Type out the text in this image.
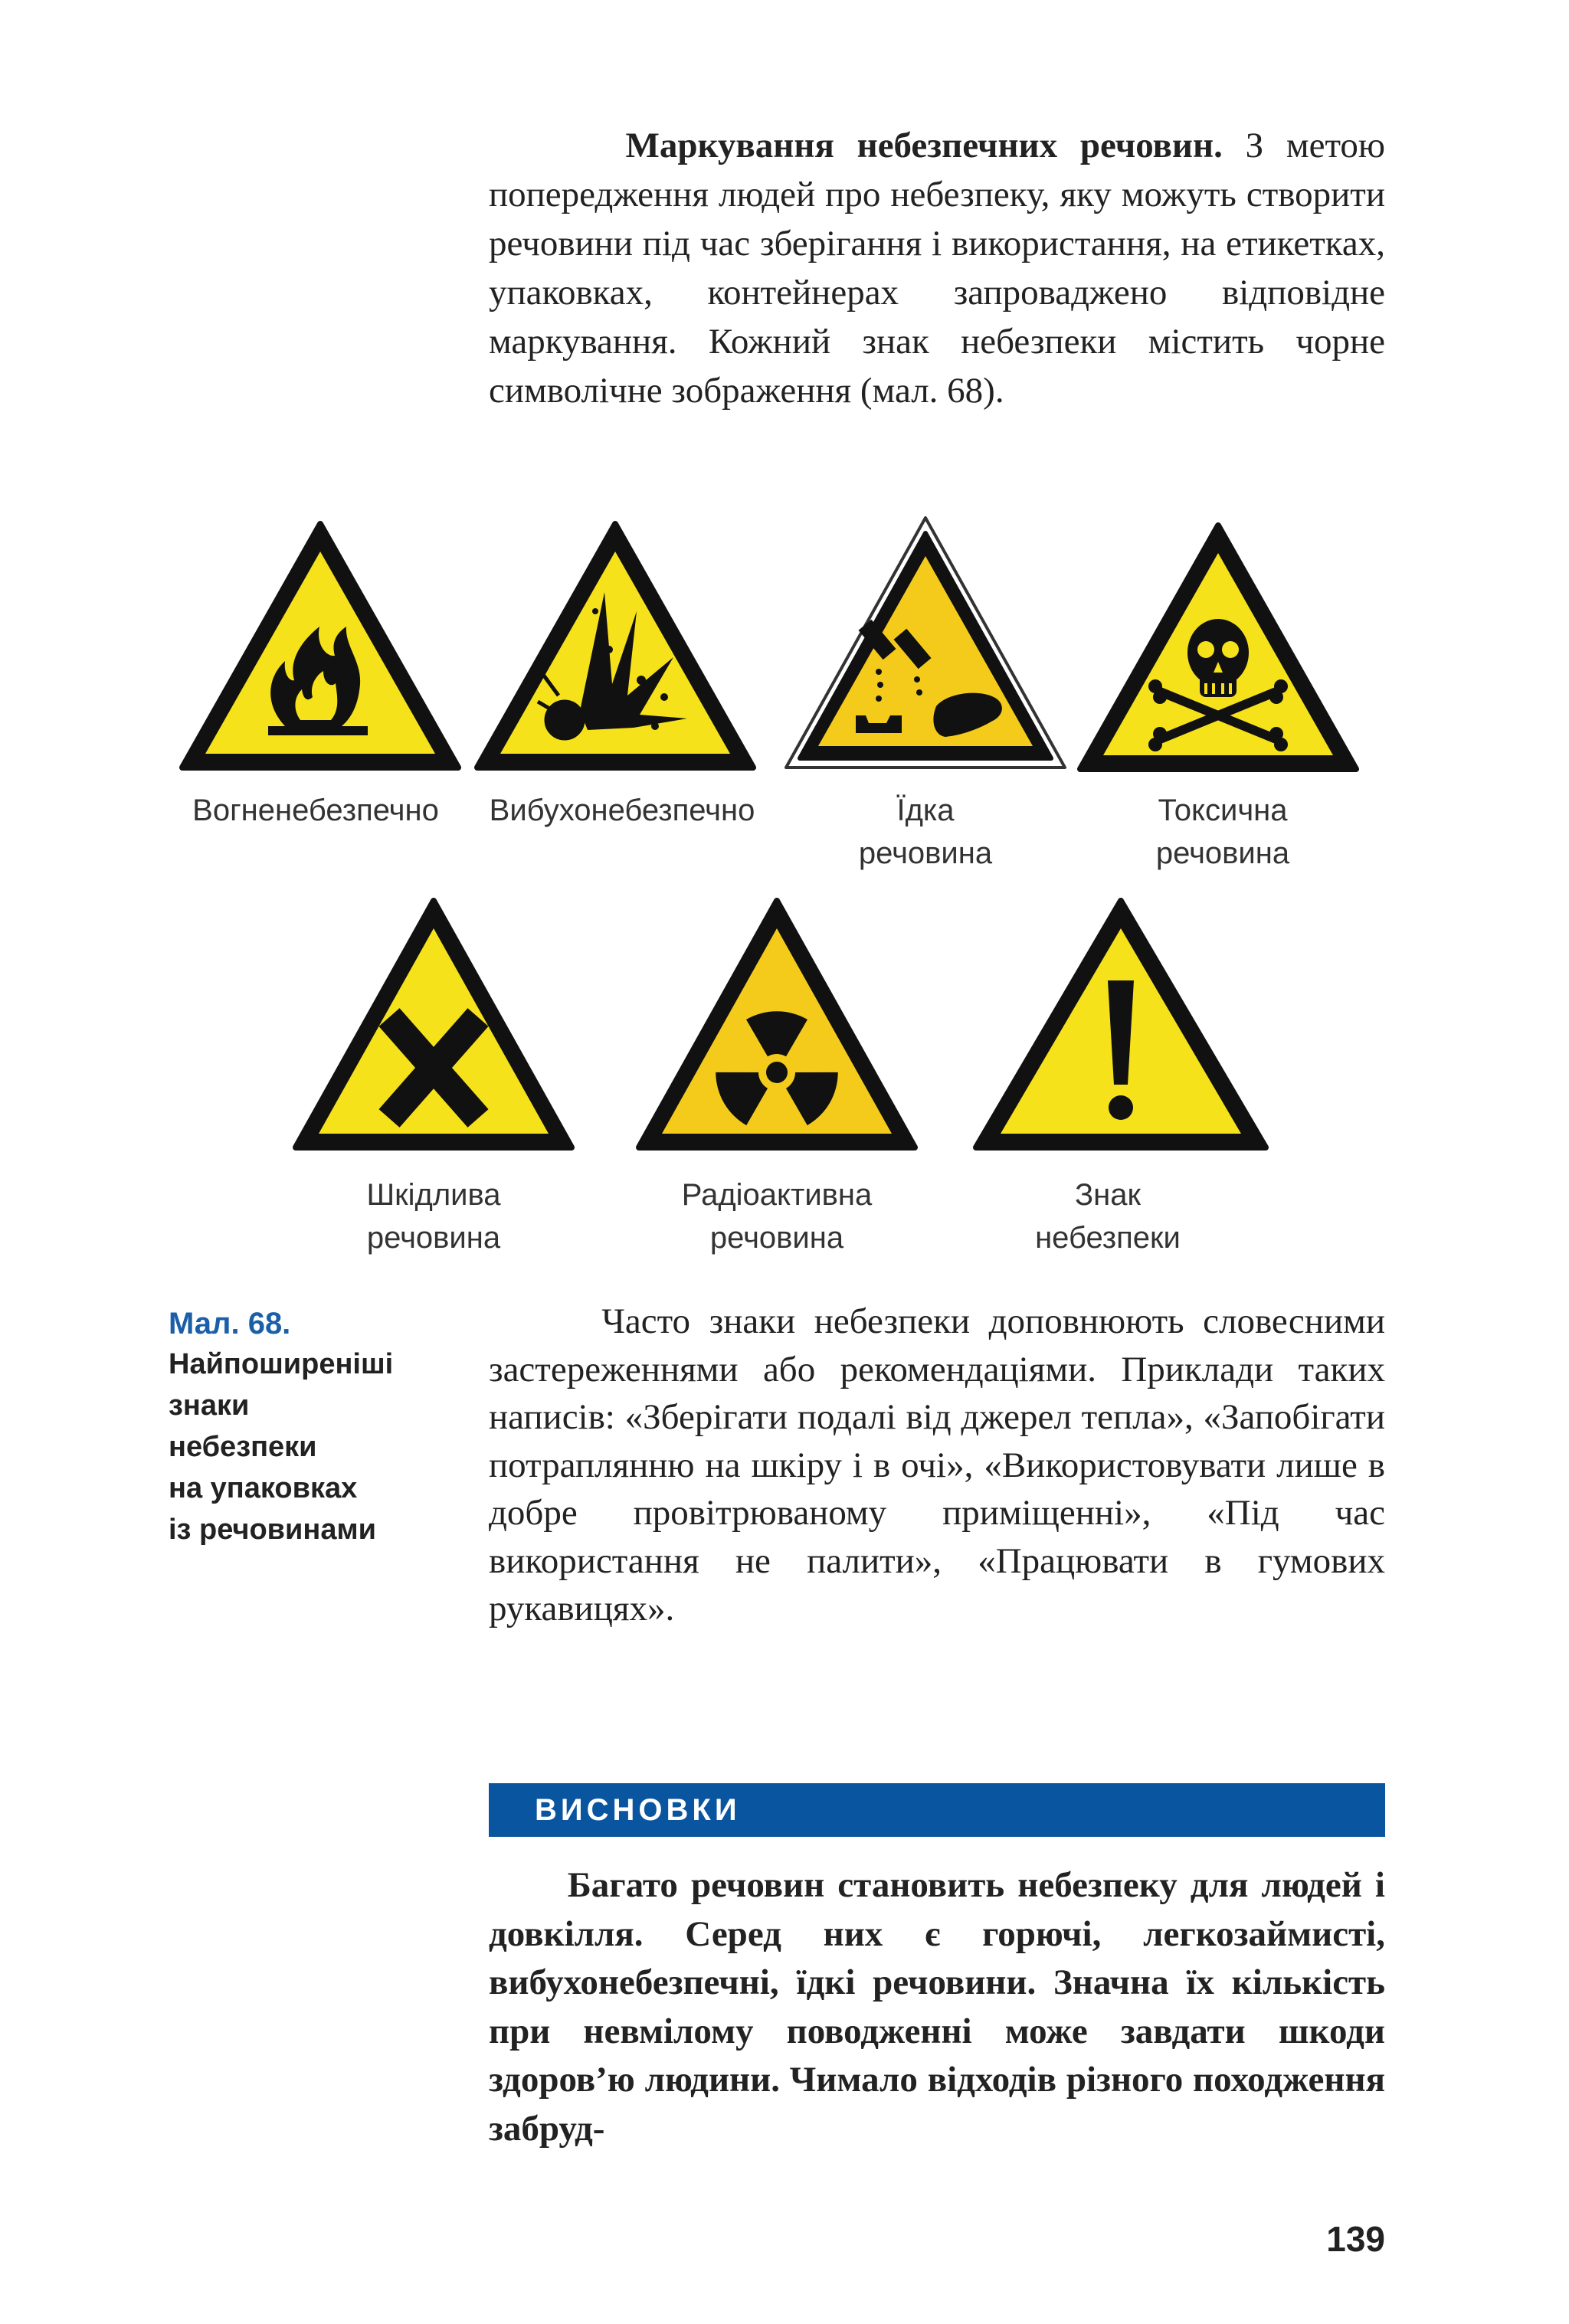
Маркування небезпечних речовин. З метою попередження людей про небезпеку, яку можуть створити речовини під час зберігання і використання, на етикетках, упаковках, контейнерах запроваджено відповідне маркування. Кожний знак небезпеки містить чорне символічне зображення (мал. 68).
Вогненебезпечно	Вибухонебезпечно	Їдка
речовина
Токсична
речовина
Шкідлива
речовина
Радіоактивна
речовина
Знак
небезпеки
Мал. 68.
Найпоширеніші
знаки
небезпеки
на упаковках
із речовинами
Часто знаки небезпеки доповнюють словесними застереженнями або рекомендаціями. Приклади таких написів: «Зберігати подалі від джерел тепла», «Запобігати потраплянню на шкіру і в очі», «Використовувати лише в добре провітрюваному приміщенні», «Під час використання не палити», «Працювати в гумових рукавицях».
ВИСНОВКИ
Багато речовин становить небезпеку для людей і довкілля. Серед них є горючі, легкозаймисті, вибухонебезпечні, їдкі речовини. Значна їх кількість при невмілому поводженні може завдати шкоди здоров’ю людини. Чимало відходів різного походження забруд-
139
